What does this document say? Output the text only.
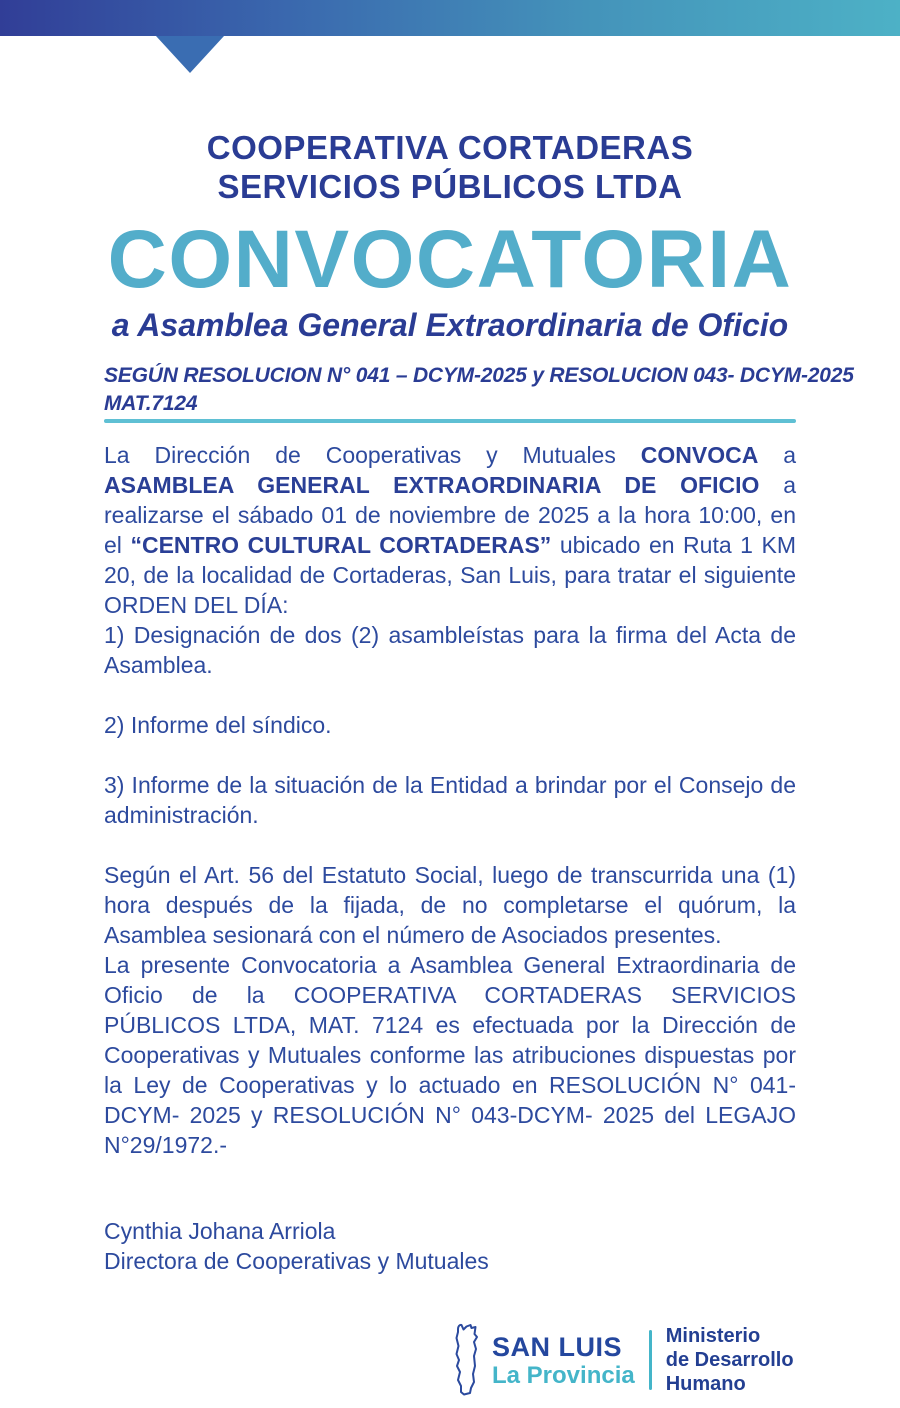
COOPERATIVA CORTADERAS
SERVICIOS PÚBLICOS LTDA
CONVOCATORIA
a Asamblea General Extraordinaria de Oficio
SEGÚN RESOLUCION N° 041 – DCYM-2025 y RESOLUCION 043- DCYM-2025
MAT.7124

La Dirección de Cooperativas y Mutuales CONVOCA a ASAMBLEA GENERAL EXTRAORDINARIA DE OFICIO a realizarse el sábado 01 de noviembre de 2025 a la hora 10:00, en el “CENTRO CULTURAL CORTADERAS” ubicado en Ruta 1 KM 20, de la localidad de Cortaderas, San Luis, para tratar el siguiente ORDEN DEL DÍA:

1) Designación de dos (2) asambleístas para la firma del Acta de Asamblea.

2) Informe del síndico.

3) Informe de la situación de la Entidad a brindar por el Consejo de administración.

Según el Art. 56 del Estatuto Social, luego de transcurrida una (1) hora después de la fijada, de no completarse el quórum, la Asamblea sesionará con el número de Asociados presentes.

La presente Convocatoria a Asamblea General Extraordinaria de Oficio de la COOPERATIVA CORTADERAS SERVICIOS PÚBLICOS LTDA, MAT. 7124 es efectuada por la Dirección de Cooperativas y Mutuales conforme las atribuciones dispuestas por la Ley de Cooperativas y lo actuado en RESOLUCIÓN N° 041-DCYM- 2025 y RESOLUCIÓN N° 043-DCYM- 2025 del LEGAJO N°29/1972.-

Cynthia Johana Arriola
Directora de Cooperativas y Mutuales
SAN LUIS
La Provincia
Ministerio
de Desarrollo
Humano
